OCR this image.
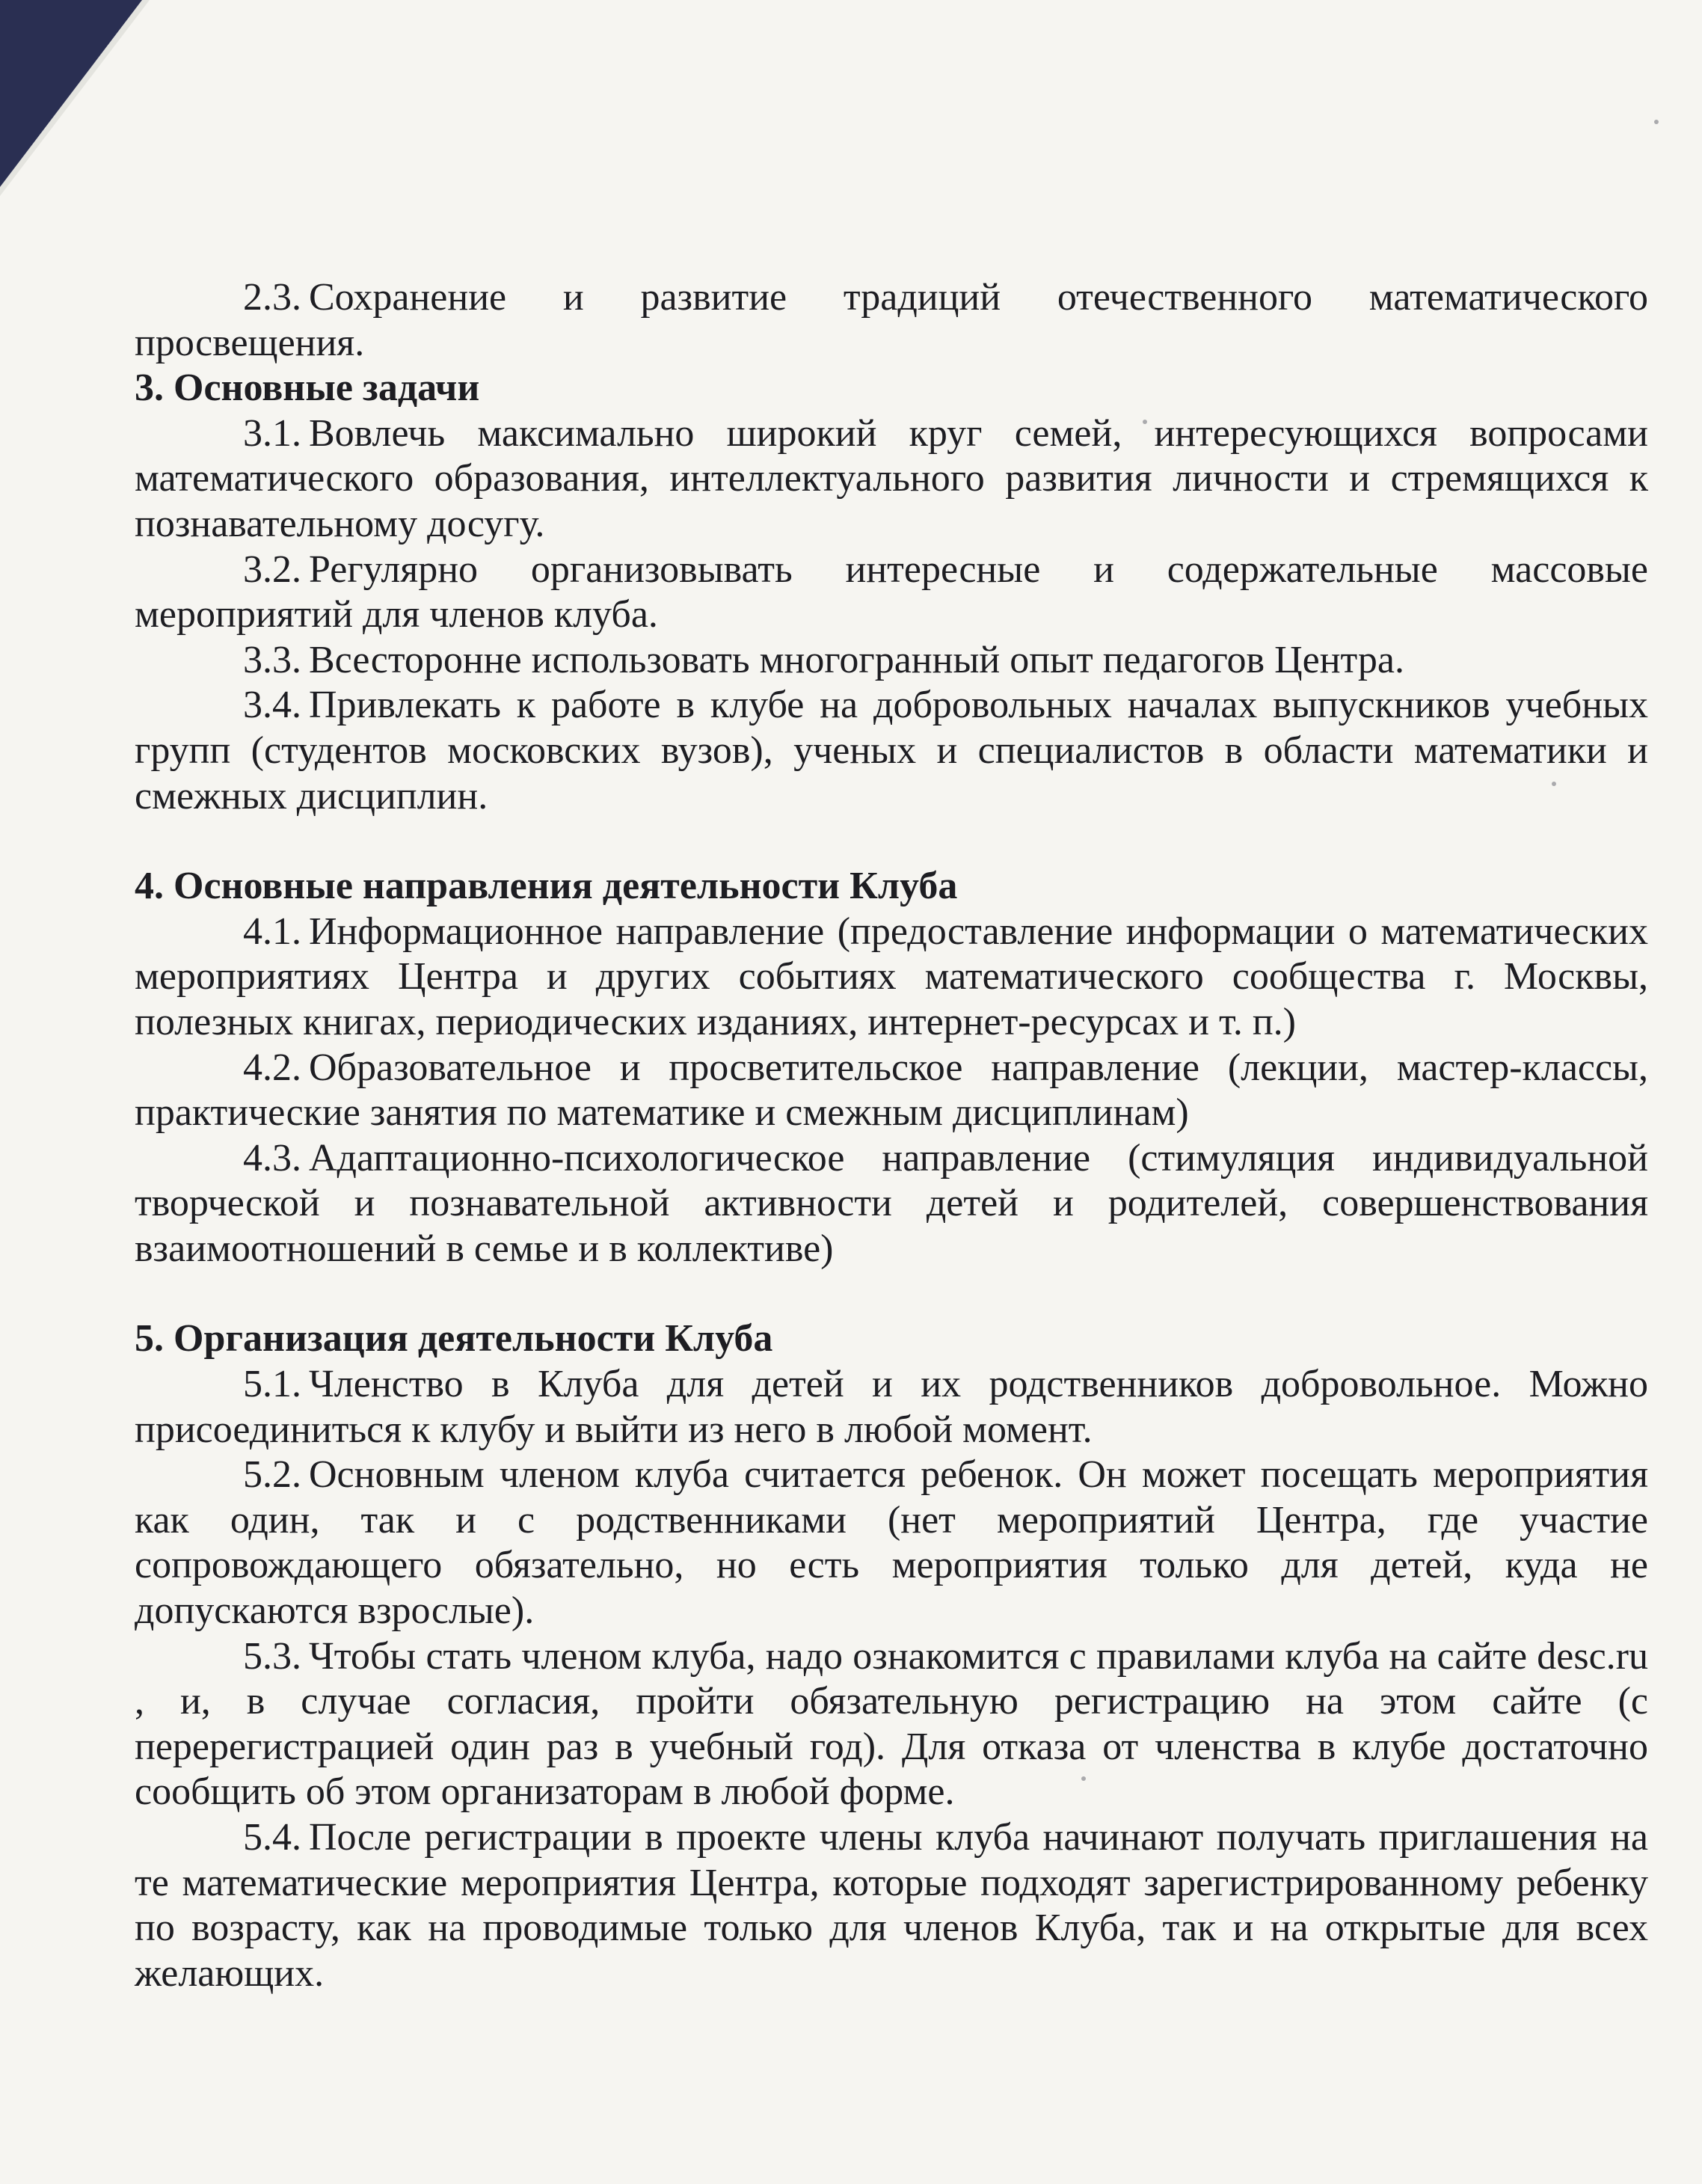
2.3. Сохранение и развитие традиций отечественного математического просвещения.

3. Основные задачи

3.1. Вовлечь максимально широкий круг семей, интересующихся вопросами математического образования, интеллектуального развития личности и стремящихся к познавательному досугу.

3.2. Регулярно организовывать интересные и содержательные массовые мероприятий для членов клуба.

3.3. Всесторонне использовать многогранный опыт педагогов Центра.

3.4. Привлекать к работе в клубе на добровольных началах выпускников учебных групп (студентов московских вузов), ученых и специалистов в области математики и смежных дисциплин.

4. Основные направления деятельности Клуба

4.1. Информационное направление (предоставление информации о математических мероприятиях Центра и других событиях математического сообщества г. Москвы, полезных книгах, периодических изданиях, интернет-ресурсах и т. п.)

4.2. Образовательное и просветительское направление (лекции, мастер-классы, практические занятия по математике и смежным дисциплинам)

4.3. Адаптационно-психологическое направление (стимуляция индивидуальной творческой и познавательной активности детей и родителей, совершенствования взаимоотношений в семье и в коллективе)

5. Организация деятельности Клуба

5.1. Членство в Клуба для детей и их родственников добровольное. Можно присоединиться к клубу и выйти из него в любой момент.

5.2. Основным членом клуба считается ребенок. Он может посещать мероприятия как один, так и с родственниками (нет мероприятий Центра, где участие сопровождающего обязательно, но есть мероприятия только для детей, куда не допускаются взрослые).

5.3. Чтобы стать членом клуба, надо ознакомится с правилами клуба на сайте desc.ru , и, в случае согласия, пройти обязательную регистрацию на этом сайте (с перерегистрацией один раз в учебный год). Для отказа от членства в клубе достаточно сообщить об этом организаторам в любой форме.

5.4. После регистрации в проекте члены клуба начинают получать приглашения на те математические мероприятия Центра, которые подходят зарегистрированному ребенку по возрасту, как на проводимые только для членов Клуба, так и на открытые для всех желающих.
